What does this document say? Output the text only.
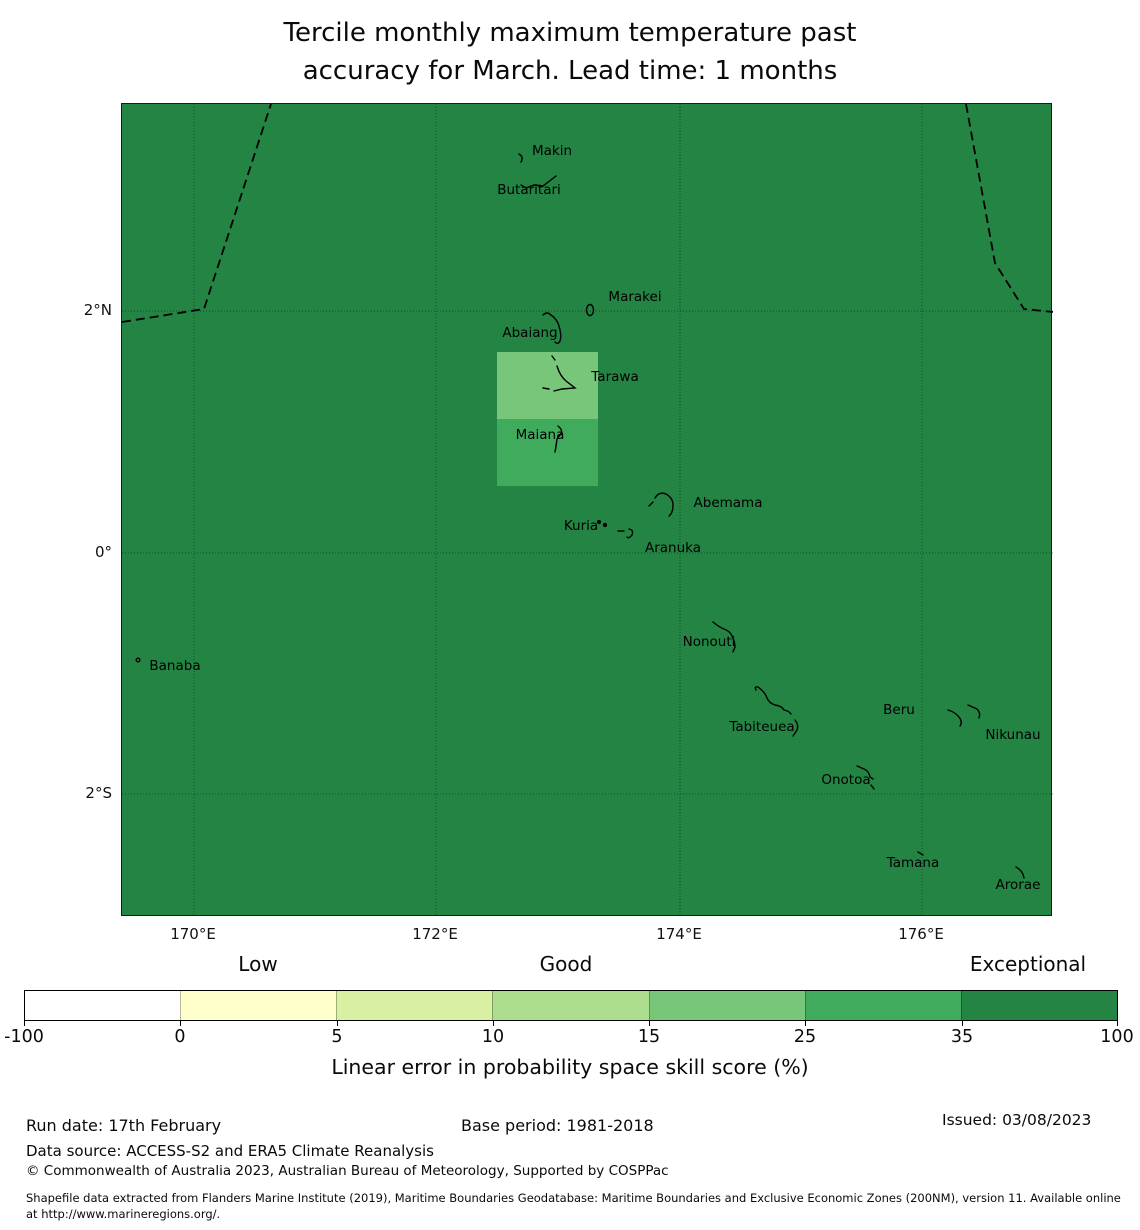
Tercile monthly maximum temperature past
accuracy for March. Lead time: 1 months
2°N
0°
2°S
Makin
Butaritari
Marakei
Abaiang
Tarawa
Maiana
Abemama
Kuria
Aranuka
Nonouti
Banaba
Tabiteuea
Beru
Nikunau
Onotoa
Tamana
Arorae
170°E	172°E	174°E	176°E
Low	Good	Exceptional
-100	0	5	10	15	25	35	100
Linear error in probability space skill score (%)
Run date: 17th February	Base period: 1981-2018	Issued: 03/08/2023
Data source: ACCESS-S2 and ERA5 Climate Reanalysis
© Commonwealth of Australia 2023, Australian Bureau of Meteorology, Supported by COSPPac
Shapefile data extracted from Flanders Marine Institute (2019), Maritime Boundaries Geodatabase: Maritime Boundaries and Exclusive Economic Zones (200NM), version 11. Available online at http://www.marineregions.org/.
